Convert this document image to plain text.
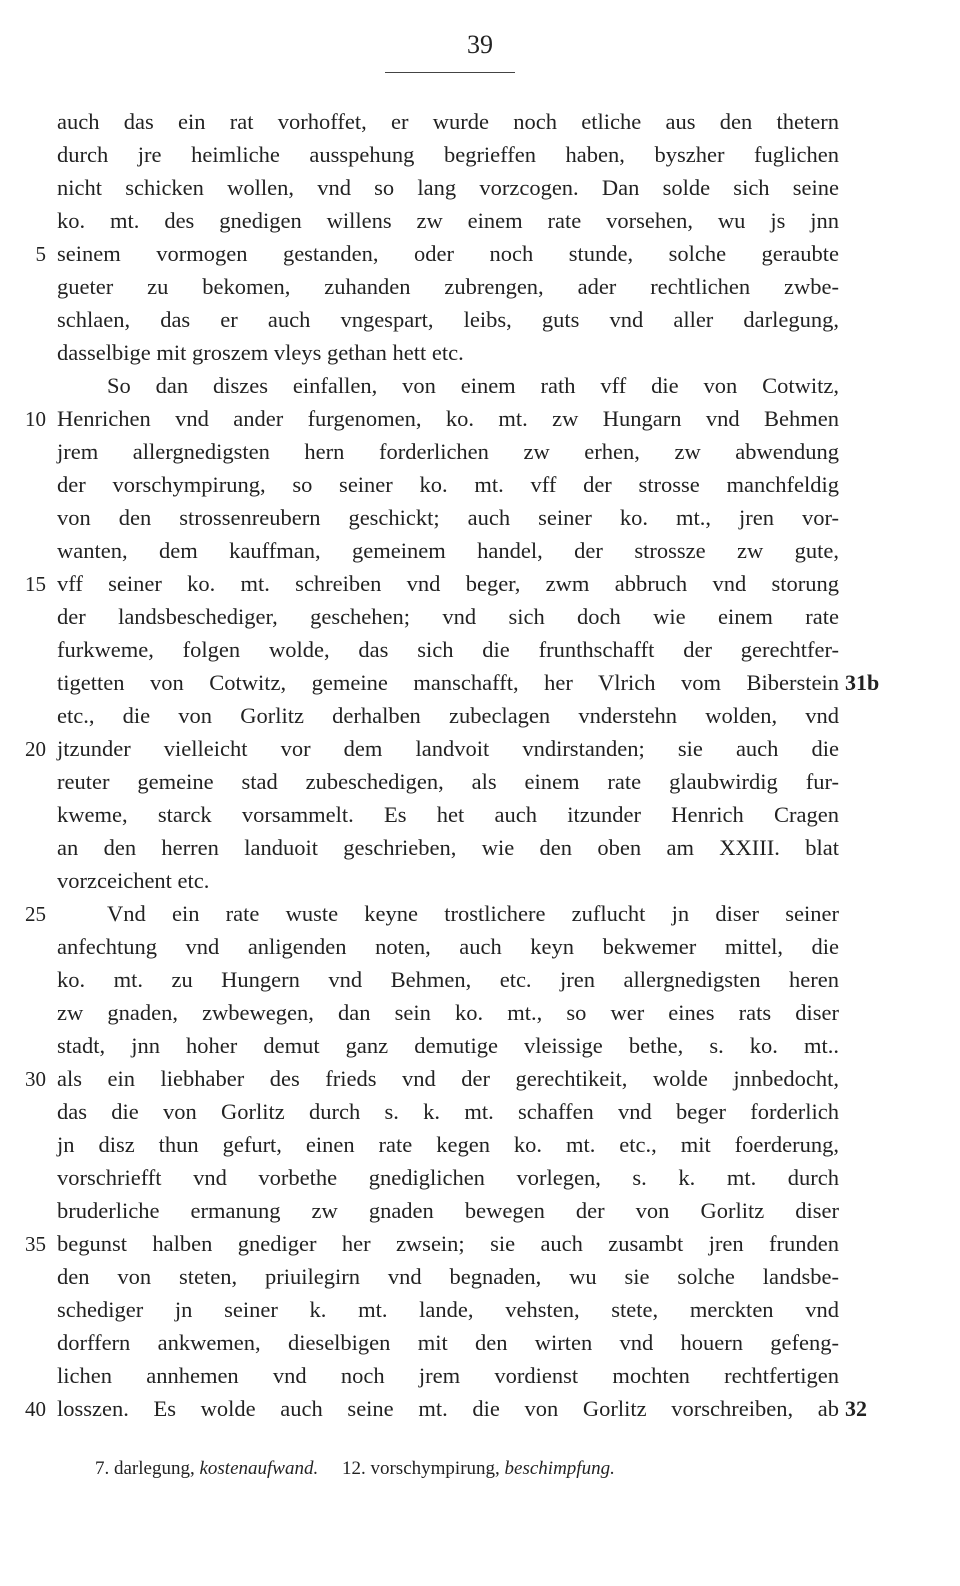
39
auch das ein rat vorhoffet, er wurde noch etliche aus den thetern
durch jre heimliche ausspehung begrieffen haben, byszher fuglichen
nicht schicken wollen, vnd so lang vorzcogen. Dan solde sich seine
ko. mt. des gnedigen willens zw einem rate vorsehen, wu js jnn
5 seinem vormogen gestanden, oder noch stunde, solche geraubte
gueter zu bekomen, zuhanden zubrengen, ader rechtlichen zwbe-
schlaen, das er auch vngespart, leibs, guts vnd aller darlegung,
dasselbige mit groszem vleys gethan hett etc.
So dan diszes einfallen, von einem rath vff die von Cotwitz,
10 Henrichen vnd ander furgenomen, ko. mt. zw Hungarn vnd Behmen
jrem allergnedigsten hern forderlichen zw erhen, zw abwendung
der vorschympirung, so seiner ko. mt. vff der strosse manchfeldig
von den strossenreubern geschickt; auch seiner ko. mt., jren vor-
wanten, dem kauffman, gemeinem handel, der strossze zw gute,
15 vff seiner ko. mt. schreiben vnd beger, zwm abbruch vnd storung
der landsbeschediger, geschehen; vnd sich doch wie einem rate
furkweme, folgen wolde, das sich die frunthschafft der gerechtfer-
tigetten von Cotwitz, gemeine manschafft, her Vlrich vom Biberstein 31b
etc., die von Gorlitz derhalben zubeclagen vnderstehn wolden, vnd
20 jtzunder vielleicht vor dem landvoit vndirstanden; sie auch die
reuter gemeine stad zubeschedigen, als einem rate glaubwirdig fur-
kweme, starck vorsammelt. Es het auch itzunder Henrich Cragen
an den herren landuoit geschrieben, wie den oben am XXIII. blat
vorzceichent etc.
25	Vnd ein rate wuste keyne trostlichere zuflucht jn diser seiner
anfechtung vnd anligenden noten, auch keyn bekwemer mittel, die
ko. mt. zu Hungern vnd Behmen, etc. jren allergnedigsten heren
zw gnaden, zwbewegen, dan sein ko. mt., so wer eines rats diser
stadt, jnn hoher demut ganz demutige vleissige bethe, s. ko. mt..
30 als ein liebhaber des frieds vnd der gerechtikeit, wolde jnnbedocht,
das die von Gorlitz durch s. k. mt. schaffen vnd beger forderlich
jn disz thun gefurt, einen rate kegen ko. mt. etc., mit foerderung,
vorschriefft vnd vorbethe gnediglichen vorlegen, s. k. mt. durch
bruderliche ermanung zw gnaden bewegen der von Gorlitz diser
35 begunst halben gnediger her zwsein; sie auch zusambt jren frunden
den von steten, priuilegirn vnd begnaden, wu sie solche landsbe-
schediger jn seiner k. mt. lande, vehsten, stete, merckten vnd
dorffern ankwemen, dieselbigen mit den wirten vnd houern gefeng-
lichen annhemen vnd noch jrem vordienst mochten rechtfertigen
40 losszen. Es wolde auch seine mt. die von Gorlitz vorschreiben, ab 32
7. darlegung, kostenaufwand. 12. vorschympirung, beschimpfung.
